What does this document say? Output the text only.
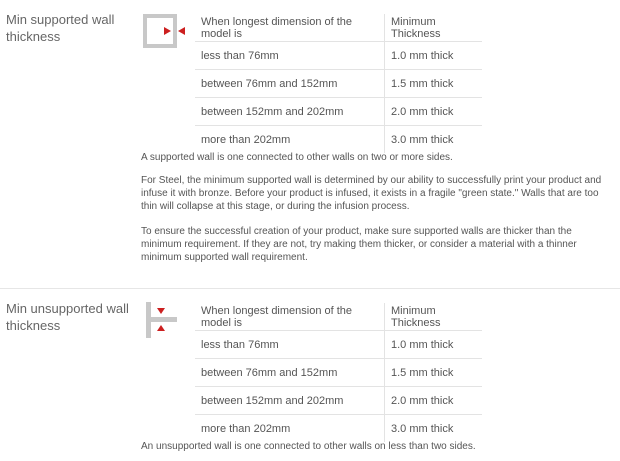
Min supported wall thickness
When longest dimension of the model is	Minimum Thickness
less than 76mm	1.0 mm thick
between 76mm and 152mm	1.5 mm thick
between 152mm and 202mm	2.0 mm thick
more than 202mm	3.0 mm thick

A supported wall is one connected to other walls on two or more sides.

For Steel, the minimum supported wall is determined by our ability to successfully print your product and infuse it with bronze. Before your product is infused, it exists in a fragile "green state." Walls that are too thin will collapse at this stage, or during the infusion process.

To ensure the successful creation of your product, make sure supported walls are thicker than the minimum requirement. If they are not, try making them thicker, or consider a material with a thinner minimum supported wall requirement.

Min unsupported wall thickness
When longest dimension of the model is	Minimum Thickness
less than 76mm	1.0 mm thick
between 76mm and 152mm	1.5 mm thick
between 152mm and 202mm	2.0 mm thick
more than 202mm	3.0 mm thick

An unsupported wall is one connected to other walls on less than two sides.
